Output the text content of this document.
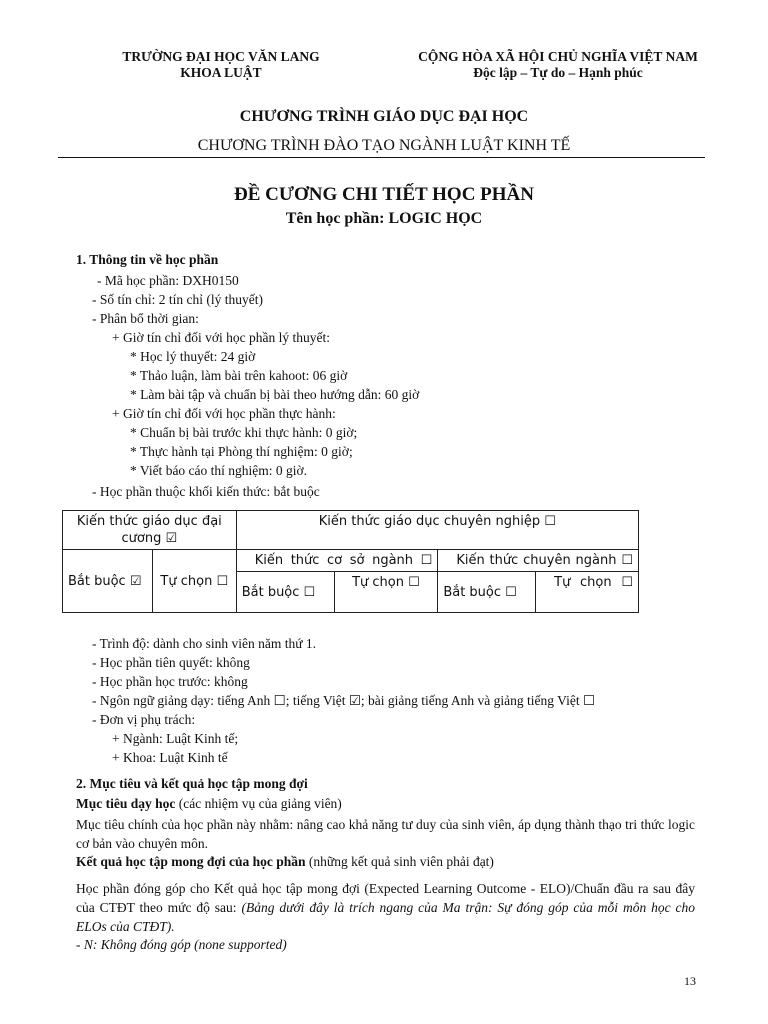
TRƯỜNG ĐẠI HỌC VĂN LANG
KHOA LUẬT
CỘNG HÒA XÃ HỘI CHỦ NGHĨA VIỆT NAM
Độc lập – Tự do – Hạnh phúc
CHƯƠNG TRÌNH GIÁO DỤC ĐẠI HỌC
CHƯƠNG TRÌNH ĐÀO TẠO NGÀNH LUẬT KINH TẾ
ĐỀ CƯƠNG CHI TIẾT HỌC PHẦN
Tên học phần: LOGIC HỌC
1. Thông tin về học phần
- Mã học phần: DXH0150
- Số tín chỉ: 2 tín chỉ (lý thuyết)
- Phân bổ thời gian:
+ Giờ tín chỉ đối với học phần lý thuyết:
* Học lý thuyết: 24 giờ
* Thảo luận, làm bài trên kahoot: 06 giờ
* Làm bài tập và chuẩn bị bài theo hướng dẫn: 60 giờ
+ Giờ tín chỉ đối với học phần thực hành:
* Chuẩn bị bài trước khi thực hành: 0 giờ;
* Thực hành tại Phòng thí nghiệm: 0 giờ;
* Viết báo cáo thí nghiệm: 0 giờ.
- Học phần thuộc khối kiến thức: bắt buộc
Kiến thức giáo dục đại cương ☑		Kiến thức giáo dục chuyên nghiệp ☐			
Bắt buộc ☑	Tự chọn ☐	Kiến thức cơ sở ngành ☐		Kiến thức chuyên ngành ☐	
		Bắt buộc ☐	Tự chọn ☐	Bắt buộc ☐	Tự chọn ☐
- Trình độ: dành cho sinh viên năm thứ 1.
- Học phần tiên quyết: không
- Học phần học trước: không
- Ngôn ngữ giảng dạy: tiếng Anh ☐; tiếng Việt ☑; bài giảng tiếng Anh và giảng tiếng Việt ☐
- Đơn vị phụ trách:
+ Ngành: Luật Kinh tế;
+ Khoa: Luật Kinh tế
2. Mục tiêu và kết quả học tập mong đợi
Mục tiêu dạy học (các nhiệm vụ của giảng viên)
Mục tiêu chính của học phần này nhằm: nâng cao khả năng tư duy của sinh viên, áp dụng thành thạo tri thức logic cơ bản vào chuyên môn.
Kết quả học tập mong đợi của học phần (những kết quả sinh viên phải đạt)
Học phần đóng góp cho Kết quả học tập mong đợi (Expected Learning Outcome - ELO)/Chuẩn đầu ra sau đây của CTĐT theo mức độ sau: (Bảng dưới đây là trích ngang của Ma trận: Sự đóng góp của mỗi môn học cho ELOs của CTĐT).
- N: Không đóng góp (none supported)
13
